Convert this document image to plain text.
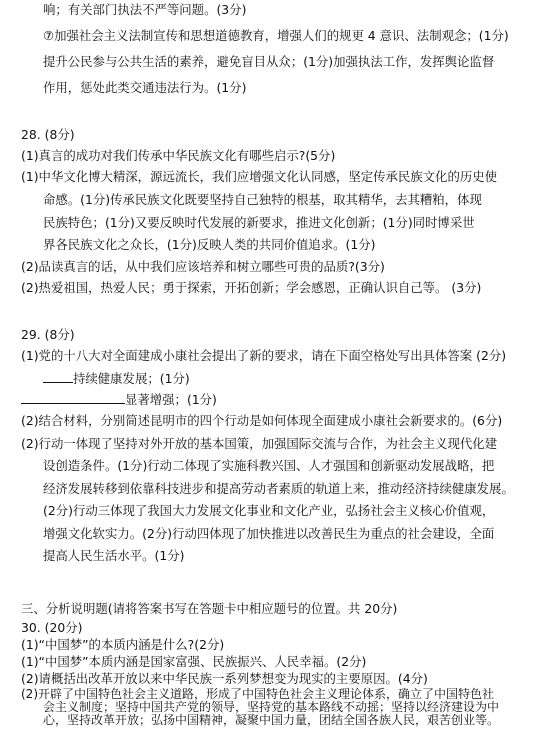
响；有关部门执法不严等问题。(3分)
⑦加强社会主义法制宣传和思想道德教育，增强人们的规更 4 意识、法制观念；(1分)
提升公民参与公共生活的素养，避免盲目从众；(1分)加强执法工作，发挥舆论监督
作用，惩处此类交通违法行为。(1分)
28. (8分)
(1)真言的成功对我们传承中华民族文化有哪些启示?(5分)
(1)中华文化博大精深，源远流长，我们应增强文化认同感，坚定传承民族文化的历史使
命感。(1分)传承民族文化既要坚持自己独特的根基，取其精华，去其糟粕，体现
民族特色；(1分)又要反映时代发展的新要求，推进文化创新；(1分)同时博采世
界各民族文化之众长，(1分)反映人类的共同价值追求。(1分)
(2)品读真言的话，从中我们应该培养和树立哪些可贵的品质?(3分)
(2)热爱祖国，热爱人民；勇于探索，开拓创新；学会感恩，正确认识自己等。 (3分)
29. (8分)
(1)党的十八大对全面建成小康社会提出了新的要求，请在下面空格处写出具体答案 (2分)
持续健康发展；(1分)
显著增强；(1分)
(2)结合材料，分别简述昆明市的四个行动是如何体现全面建成小康社会新要求的。(6分)
(2)行动一体现了坚持对外开放的基本国策，加强国际交流与合作，为社会主义现代化建
设创造条件。(1分)行动二体现了实施科教兴国、人才强国和创新驱动发展战略，把
经济发展转移到依靠科技进步和提高劳动者素质的轨道上来，推动经济持续健康发展。
(2分)行动三体现了我国大力发展文化事业和文化产业，弘扬社会主义核心价值观，
增强文化软实力。(2分)行动四体现了加快推进以改善民生为重点的社会建设，全面
提高人民生活水平。(1分)
三、分析说明题(请将答案书写在答题卡中相应题号的位置。共 20分)
30. (20分)
(1)“中国梦”的本质内涵是什么?(2分)
(1)“中国梦”本质内涵是国家富强、民族振兴、人民幸福。(2分)
(2)请概括出改革开放以来中华民族一系列梦想变为现实的主要原因。(4分)
(2)开辟了中国特色社会主义道路，形成了中国特色社会主义理论体系，确立了中国特色社
会主义制度；坚持中国共产党的领导，坚持党的基本路线不动摇；坚持以经济建设为中
心，坚持改革开放；弘扬中国精神，凝聚中国力量，团结全国各族人民，艰苦创业等。
